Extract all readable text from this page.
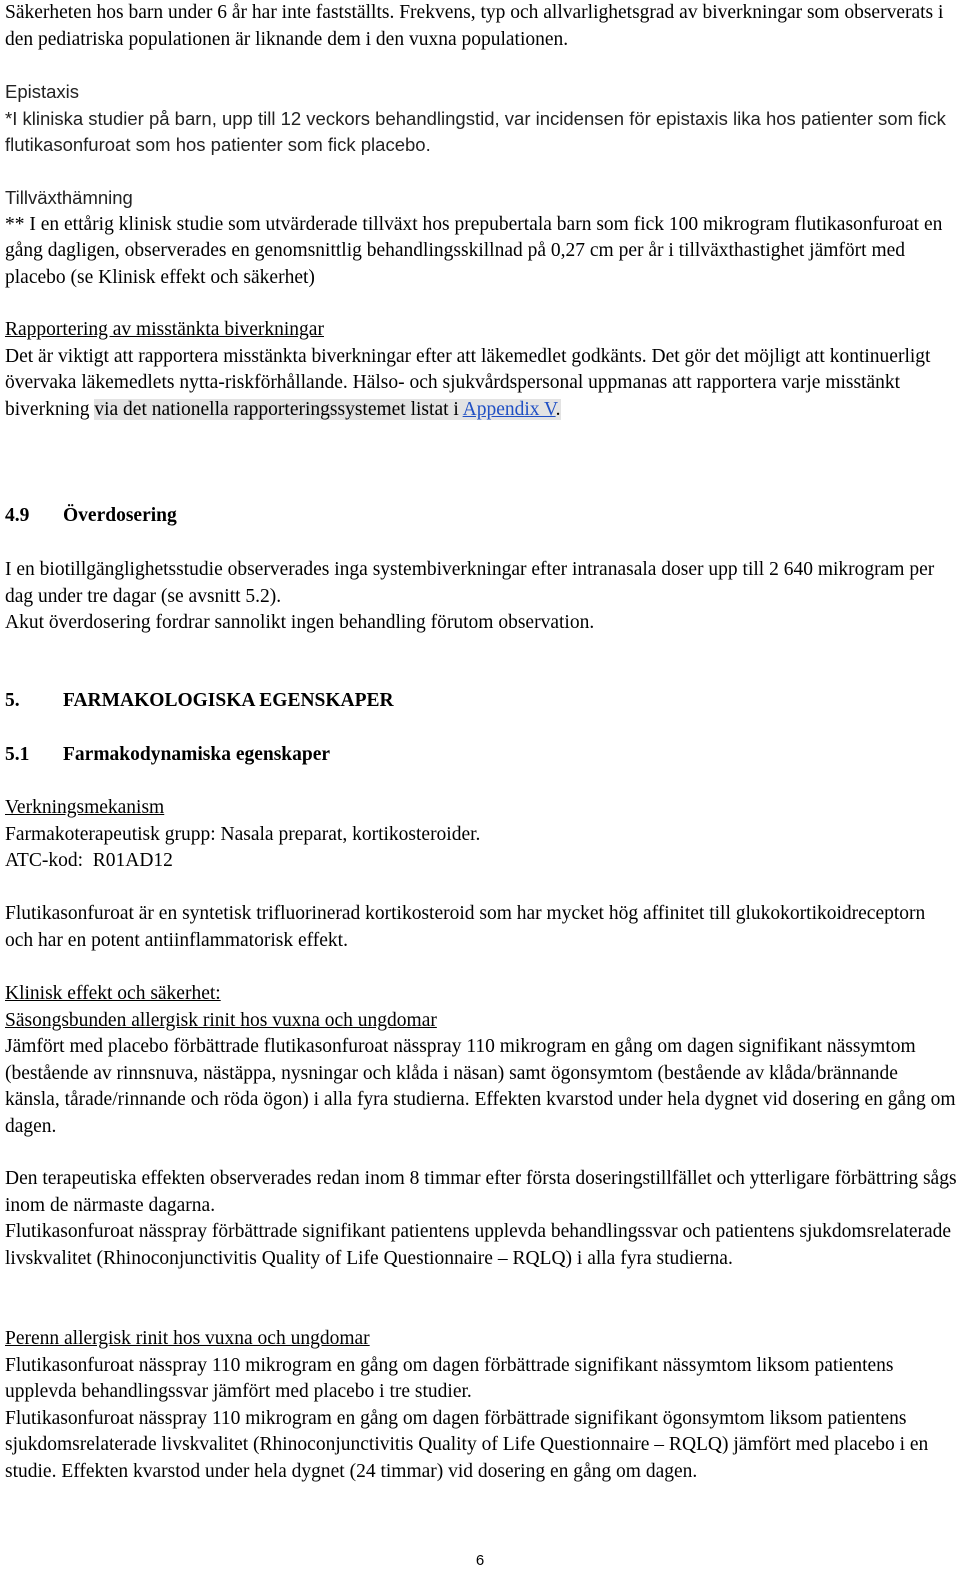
Säkerheten hos barn under 6 år har inte fastställts. Frekvens, typ och allvarlighetsgrad av biverkningar som observerats i den pediatriska populationen är liknande dem i den vuxna populationen.

Epistaxis
*I kliniska studier på barn, upp till 12 veckors behandlingstid, var incidensen för epistaxis lika hos patienter som fick flutikasonfuroat som hos patienter som fick placebo.
Tillväxthämning
** I en ettårig klinisk studie som utvärderade tillväxt hos prepubertala barn som fick 100 mikrogram flutikasonfuroat en gång dagligen, observerades en genomsnittlig behandlingsskillnad på 0,27 cm per år i tillväxthastighet jämfört med placebo (se Klinisk effekt och säkerhet)
Rapportering av misstänkta biverkningar
Det är viktigt att rapportera misstänkta biverkningar efter att läkemedlet godkänts. Det gör det möjligt att kontinuerligt övervaka läkemedlets nytta-riskförhållande. Hälso- och sjukvårdspersonal uppmanas att rapportera varje misstänkt biverkning via det nationella rapporteringssystemet listat i Appendix V.
4.9 Överdosering
I en biotillgänglighetsstudie observerades inga systembiverkningar efter intranasala doser upp till 2 640 mikrogram per dag under tre dagar (se avsnitt 5.2).
Akut överdosering fordrar sannolikt ingen behandling förutom observation.
5. FARMAKOLOGISKA EGENSKAPER
5.1 Farmakodynamiska egenskaper
Verkningsmekanism
Farmakoterapeutisk grupp: Nasala preparat, kortikosteroider.
ATC-kod:  R01AD12

Flutikasonfuroat är en syntetisk trifluorinerad kortikosteroid som har mycket hög affinitet till glukokortikoidreceptorn och har en potent antiinflammatorisk effekt.

Klinisk effekt och säkerhet:
Säsongsbunden allergisk rinit hos vuxna och ungdomar
Jämfört med placebo förbättrade flutikasonfuroat nässpray 110 mikrogram en gång om dagen signifikant nässymtom (bestående av rinnsnuva, nästäppa, nysningar och klåda i näsan) samt ögonsymtom (bestående av klåda/brännande känsla, tårade/rinnande och röda ögon) i alla fyra studierna. Effekten kvarstod under hela dygnet vid dosering en gång om dagen.
Den terapeutiska effekten observerades redan inom 8 timmar efter första doseringstillfället och ytterligare förbättring sågs inom de närmaste dagarna.
Flutikasonfuroat nässpray förbättrade signifikant patientens upplevda behandlingssvar och patientens sjukdomsrelaterade livskvalitet (Rhinoconjunctivitis Quality of Life Questionnaire – RQLQ) i alla fyra studierna.
Perenn allergisk rinit hos vuxna och ungdomar
Flutikasonfuroat nässpray 110 mikrogram en gång om dagen förbättrade signifikant nässymtom liksom patientens upplevda behandlingssvar jämfört med placebo i tre studier.
Flutikasonfuroat nässpray 110 mikrogram en gång om dagen förbättrade signifikant ögonsymtom liksom patientens sjukdomsrelaterade livskvalitet (Rhinoconjunctivitis Quality of Life Questionnaire – RQLQ) jämfört med placebo i en studie. Effekten kvarstod under hela dygnet (24 timmar) vid dosering en gång om dagen.
6
